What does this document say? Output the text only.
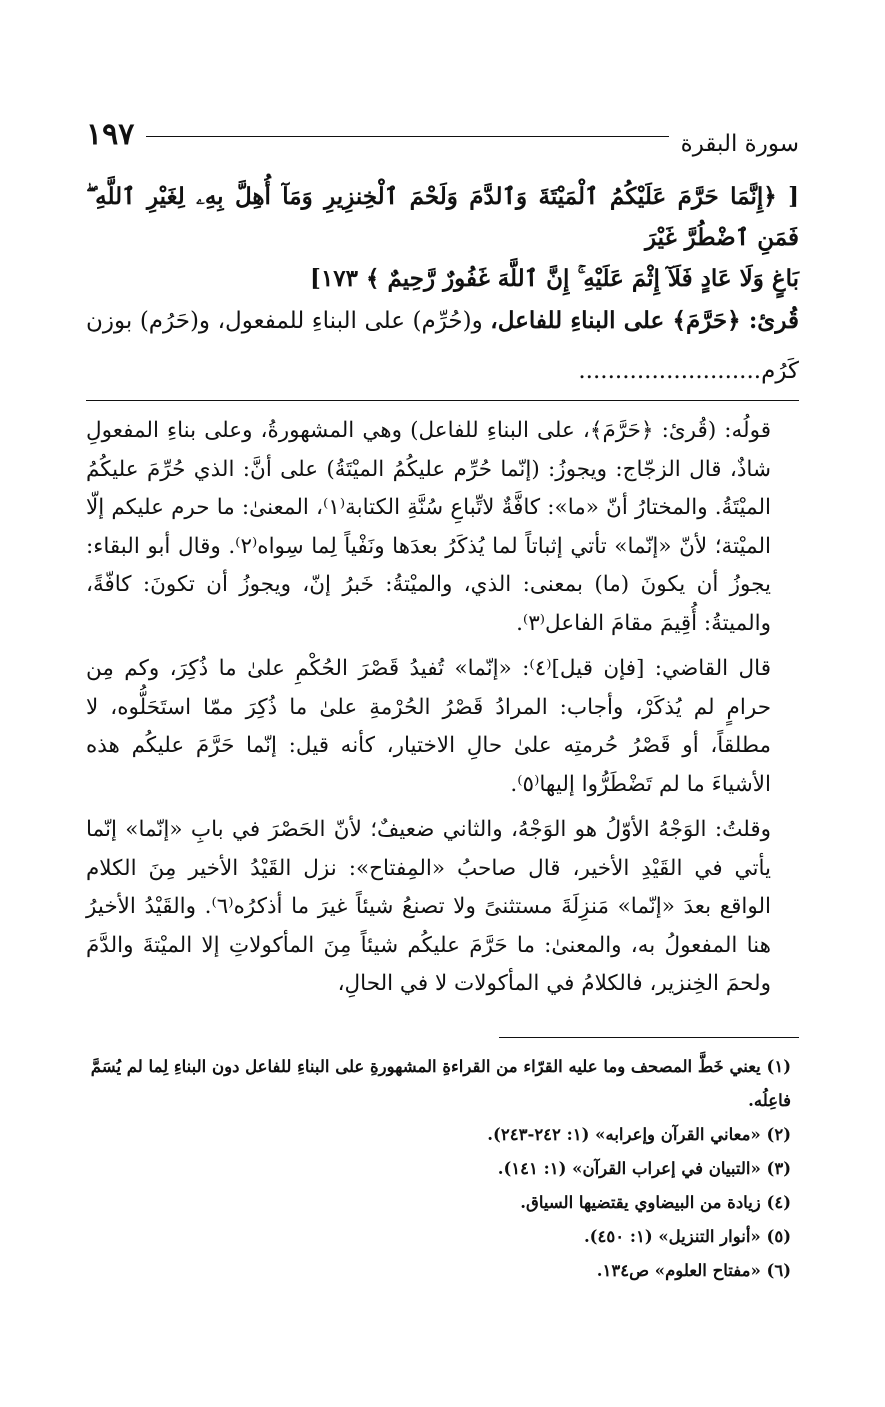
١٩٧	سورة البقرة
[ ﴿إِنَّمَا حَرَّمَ عَلَيْكُمُ ٱلْمَيْتَةَ وَٱلدَّمَ وَلَحْمَ ٱلْخِنزِيرِ وَمَآ أُهِلَّ بِهِۦ لِغَيْرِ ٱللَّهِ ۖ فَمَنِ ٱضْطُرَّ غَيْرَ
بَاغٍ وَلَا عَادٍ فَلَآ إِثْمَ عَلَيْهِ ۚ إِنَّ ٱللَّهَ غَفُورٌ رَّحِيمٌ ﴾ ١٧٣]

قُرئ: ﴿حَرَّمَ﴾ على البناءِ للفاعل، و(حُرِّم) على البناءِ للمفعول، و(حَرُم) بوزن كَرُم.........................

قولُه: (قُرئ: ﴿حَرَّمَ﴾، على البناءِ للفاعل) وهي المشهورةُ، وعلى بناءِ المفعولِ شاذٌ، قال الزجّاج: ويجوزُ: (إنّما حُرِّم عليكُمُ الميْتَةُ) على أنَّ: الذي حُرِّمَ عليكُمُ الميْتَةُ. والمختارُ أنّ «ما»: كافَّةٌ لاتِّباعِ سُنَّةِ الكتابة⁽١⁾، المعنىٰ: ما حرم عليكم إلّا الميْتة؛ لأنّ «إنّما» تأتي إثباتاً لما يُذكَرُ بعدَها ونَفْياً لِما سِواه⁽٢⁾. وقال أبو البقاء: يجوزُ أن يكونَ (ما) بمعنى: الذي، والميْتةُ: خَبرُ إنّ، ويجوزُ أن تكونَ: كافّةً، والميتةُ: أُقِيمَ مقامَ الفاعل⁽٣⁾.

قال القاضي: [فإن قيل]⁽٤⁾: «إنّما» تُفيدُ قَصْرَ الحُكْمِ علىٰ ما ذُكِرَ، وكم مِن حرامٍ لم يُذكَرْ، وأجاب: المرادُ قَصْرُ الحُرْمةِ علىٰ ما ذُكِرَ ممّا استَحَلُّوه، لا مطلقاً، أو قَصْرُ حُرمتِه علىٰ حالِ الاختيار، كأنه قيل: إنّما حَرَّمَ عليكُم هذه الأشياءَ ما لم تَضْطَرُّوا إليها⁽٥⁾.

وقلتُ: الوَجْهُ الأوّلُ هو الوَجْهُ، والثاني ضعيفٌ؛ لأنّ الحَصْرَ في بابِ «إنّما» إنّما يأتي في القَيْدِ الأخير، قال صاحبُ «المِفتاح»: نزل القَيْدُ الأخير مِنَ الكلام الواقع بعدَ «إنّما» مَنزِلَةَ مستثنىً ولا تصنعُ شيئاً غيرَ ما أذكرُه⁽٦⁾. والقَيْدُ الأخيرُ هنا المفعولُ به، والمعنىٰ: ما حَرَّمَ عليكُم شيئاً مِنَ المأكولاتِ إلا الميْتةَ والدَّمَ ولحمَ الخِنزير، فالكلامُ في المأكولات لا في الحالِ،

(١) يعني خَطَّ المصحف وما عليه القرّاء من القراءةِ المشهورةِ على البناءِ للفاعل دون البناءِ لِما لم يُسَمَّ فاعِلُه.
(٢) «معاني القرآن وإعرابه» (١: ٢٤٢-٢٤٣).
(٣) «التبيان في إعراب القرآن» (١: ١٤١).
(٤) زيادة من البيضاوي يقتضيها السياق.
(٥) «أنوار التنزيل» (١: ٤٥٠).
(٦) «مفتاح العلوم» ص١٣٤.
